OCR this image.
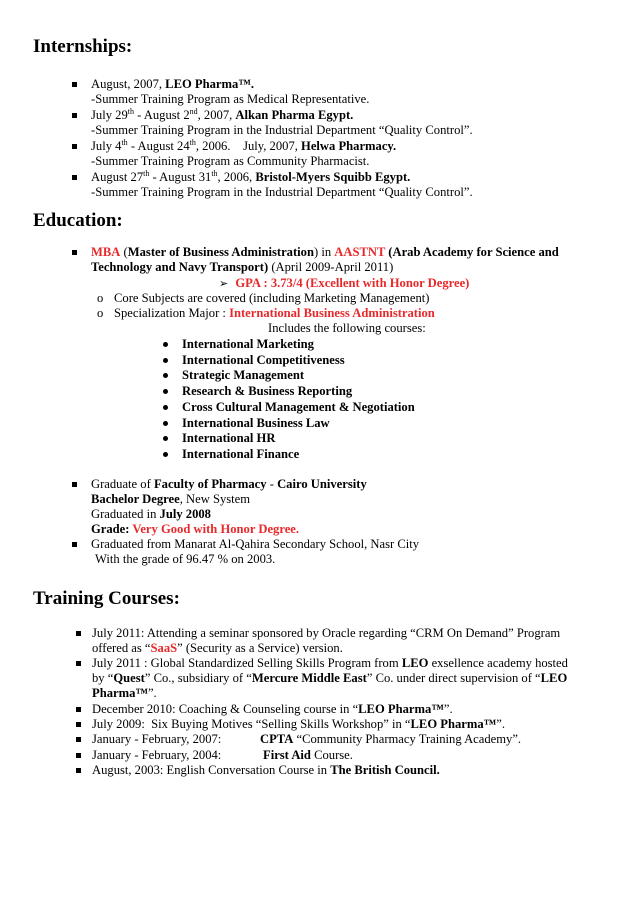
Internships:
August, 2007, LEO Pharma™.
-Summer Training Program as Medical Representative.
July 29th - August 2nd, 2007, Alkan Pharma Egypt.
-Summer Training Program in the Industrial Department “Quality Control”.
July 4th - August 24th, 2006.    July, 2007, Helwa Pharmacy.
-Summer Training Program as Community Pharmacist.
August 27th - August 31th, 2006, Bristol-Myers Squibb Egypt.
-Summer Training Program in the Industrial Department “Quality Control”.
Education:
MBA (Master of Business Administration) in AASTNT (Arab Academy for Science and
Technology and Navy Transport) (April 2009-April 2011)
➢ GPA : 3.73/4 (Excellent with Honor Degree)
o Core Subjects are covered (including Marketing Management)
o Specialization Major : International Business Administration
Includes the following courses:
International Marketing
International Competitiveness
Strategic Management
Research & Business Reporting
Cross Cultural Management & Negotiation
International Business Law
International HR
International Finance
Graduate of Faculty of Pharmacy - Cairo University
Bachelor Degree, New System
Graduated in July 2008
Grade: Very Good with Honor Degree.
Graduated from Manarat Al-Qahira Secondary School, Nasr City
With the grade of 96.47 % on 2003.
Training Courses:
July 2011: Attending a seminar sponsored by Oracle regarding “CRM On Demand” Program
offered as “SaaS” (Security as a Service) version.
July 2011 : Global Standardized Selling Skills Program from LEO exsellence academy hosted
by “Quest” Co., subsidiary of “Mercure Middle East” Co. under direct supervision of “LEO
Pharma™”.
December 2010: Coaching & Counseling course in “LEO Pharma™”.
July 2009:  Six Buying Motives “Selling Skills Workshop” in “LEO Pharma™”.
January - February, 2007:	CPTA “Community Pharmacy Training Academy”.
January - February, 2004:	First Aid Course.
August, 2003: English Conversation Course in The British Council.
